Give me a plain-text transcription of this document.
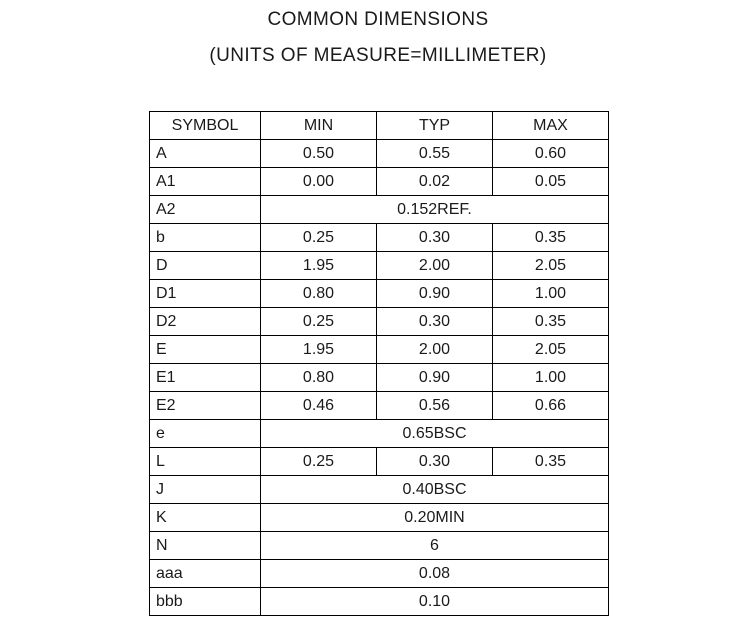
COMMON DIMENSIONS
(UNITS OF MEASURE=MILLIMETER)
SYMBOL	MIN	TYP	MAX
A	0.50	0.55	0.60
A1	0.00	0.02	0.05
A2	0.152REF.		
b	0.25	0.30	0.35
D	1.95	2.00	2.05
D1	0.80	0.90	1.00
D2	0.25	0.30	0.35
E	1.95	2.00	2.05
E1	0.80	0.90	1.00
E2	0.46	0.56	0.66
e	0.65BSC		
L	0.25	0.30	0.35
J	0.40BSC		
K	0.20MIN		
N	6		
aaa	0.08		
bbb	0.10		
